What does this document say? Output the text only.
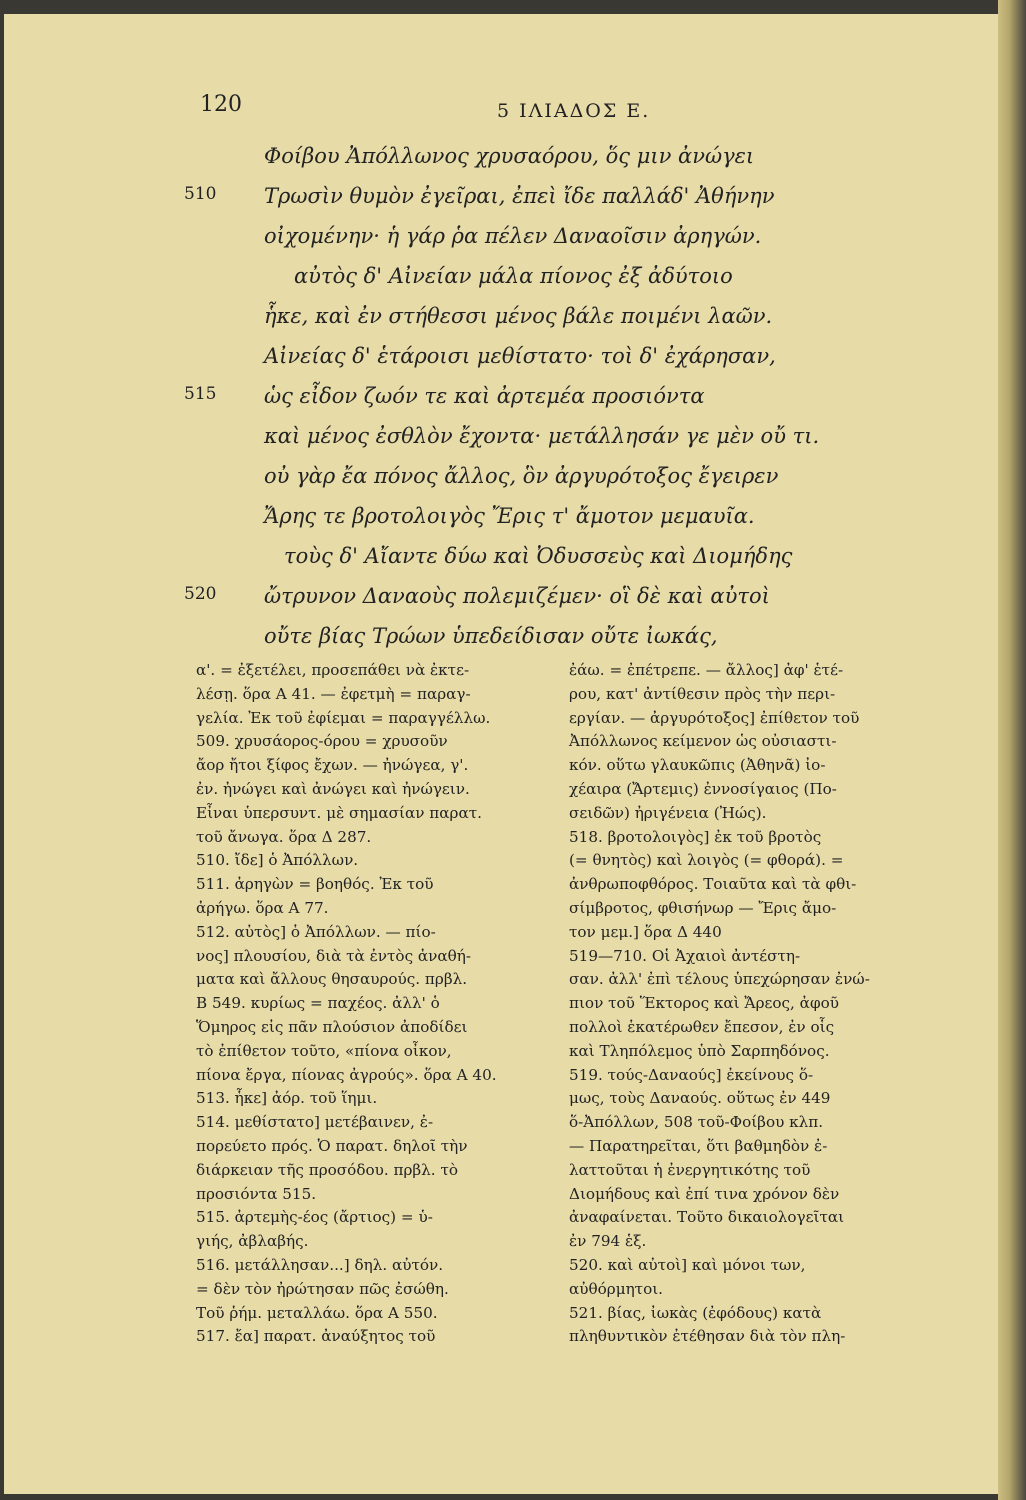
120	5 ΙΛΙΑΔΟΣ Ε.
Φοίβου Ἀπόλλωνος χρυσαόρου, ὅς μιν ἀνώγει
510 Τρωσὶν θυμὸν ἐγεῖραι, ἐπεὶ ἴδε παλλάδ' Ἀθήνην
οἰχομένην· ἡ γάρ ῥα πέλεν Δαναοῖσιν ἀρηγών.
αὐτὸς δ' Αἰνείαν μάλα πίονος ἐξ ἀδύτοιο
ἧκε, καὶ ἐν στήθεσσι μένος βάλε ποιμένι λαῶν.
Αἰνείας δ' ἑτάροισι μεθίστατο· τοὶ δ' ἐχάρησαν,
515 ὡς εἶδον ζωόν τε καὶ ἀρτεμέα προσιόντα
καὶ μένος ἐσθλὸν ἔχοντα· μετάλλησάν γε μὲν οὔ τι.
οὐ γὰρ ἔα πόνος ἄλλος, ὃν ἀργυρότοξος ἔγειρεν
Ἄρης τε βροτολοιγὸς Ἔρις τ' ἄμοτον μεμαυῖα.
τοὺς δ' Αἴαντε δύω καὶ Ὀδυσσεὺς καὶ Διομήδης
520 ὤτρυνον Δαναοὺς πολεμιζέμεν· οἳ δὲ καὶ αὐτοὶ
οὔτε βίας Τρώων ὑπεδείδισαν οὔτε ἰωκάς,
α'. = ἐξετέλει, προσεπάθει νὰ ἐκτε-
λέσῃ. ὅρα Α 41. — ἐφετμὴ = παραγ-
γελία. Ἐκ τοῦ ἐφίεμαι = παραγγέλλω.
509. χρυσάορος-όρου = χρυσοῦν
ἄορ ἤτοι ξίφος ἔχων. — ἠνώγεα, γ'.
ἐν. ἠνώγει καὶ ἀνώγει καὶ ἠνώγειν.
Εἶναι ὑπερσυντ. μὲ σημασίαν παρατ.
τοῦ ἄνωγα. ὅρα Δ 287.
510. ἴδε] ὁ Ἀπόλλων.
511. ἀρηγὼν = βοηθός. Ἐκ τοῦ
ἀρήγω. ὅρα Α 77.
512. αὐτὸς] ὁ Ἀπόλλων. — πίο-
νος] πλουσίου, διὰ τὰ ἐντὸς ἀναθή-
ματα καὶ ἄλλους θησαυρούς. πρβλ.
Β 549. κυρίως = παχέος. ἀλλ' ὁ
Ὅμηρος εἰς πᾶν πλούσιον ἀποδίδει
τὸ ἐπίθετον τοῦτο, «πίονα οἶκον,
πίονα ἔργα, πίονας ἀγρούς». ὅρα Α 40.
513. ἧκε] ἀόρ. τοῦ ἵημι.
514. μεθίστατο] μετέβαινεν, ἐ-
πορεύετο πρός. Ὁ παρατ. δηλοῖ τὴν
διάρκειαν τῆς προσόδου. πρβλ. τὸ
προσιόντα 515.
515. ἀρτεμὴς-έος (ἄρτιος) = ὑ-
γιής, ἀβλαβής.
516. μετάλλησαν...] δηλ. αὐτόν.
= δὲν τὸν ἠρώτησαν πῶς ἐσώθη.
Τοῦ ῥήμ. μεταλλάω. ὅρα Α 550.
517. ἔα] παρατ. ἀναύξητος τοῦ
ἐάω. = ἐπέτρεπε. — ἄλλος] ἀφ' ἑτέ-
ρου, κατ' ἀντίθεσιν πρὸς τὴν περι-
εργίαν. — ἀργυρότοξος] ἐπίθετον τοῦ
Ἀπόλλωνος κείμενον ὡς οὐσιαστι-
κόν. οὕτω γλαυκῶπις (Ἀθηνᾶ) ἰο-
χέαιρα (Ἄρτεμις) ἐννοσίγαιος (Πο-
σειδῶν) ἠριγένεια (Ἠώς).
518. βροτολοιγὸς] ἐκ τοῦ βροτὸς
(= θνητὸς) καὶ λοιγὸς (= φθορά). =
ἀνθρωποφθόρος. Τοιαῦτα καὶ τὰ φθι-
σίμβροτος, φθισήνωρ — Ἔρις ἄμο-
τον μεμ.] ὅρα Δ 440
519—710. Οἱ Ἀχαιοὶ ἀντέστη-
σαν. ἀλλ' ἐπὶ τέλους ὑπεχώρησαν ἐνώ-
πιον τοῦ Ἕκτορος καὶ Ἄρεος, ἀφοῦ
πολλοὶ ἑκατέρωθεν ἔπεσον, ἐν οἷς
καὶ Τληπόλεμος ὑπὸ Σαρπηδόνος.
519. τούς-Δαναούς] ἐκείνους ὅ-
μως, τοὺς Δαναούς. οὕτως ἐν 449
ὅ-Ἀπόλλων, 508 τοῦ-Φοίβου κλπ.
— Παρατηρεῖται, ὅτι βαθμηδὸν ἐ-
λαττοῦται ἡ ἐνεργητικότης τοῦ
Διομήδους καὶ ἐπί τινα χρόνον δὲν
ἀναφαίνεται. Τοῦτο δικαιολογεῖται
ἐν 794 ἑξ.
520. καὶ αὐτοὶ] καὶ μόνοι των,
αὐθόρμητοι.
521. βίας, ἰωκὰς (ἐφόδους) κατὰ
πληθυντικὸν ἐτέθησαν διὰ τὸν πλη-
